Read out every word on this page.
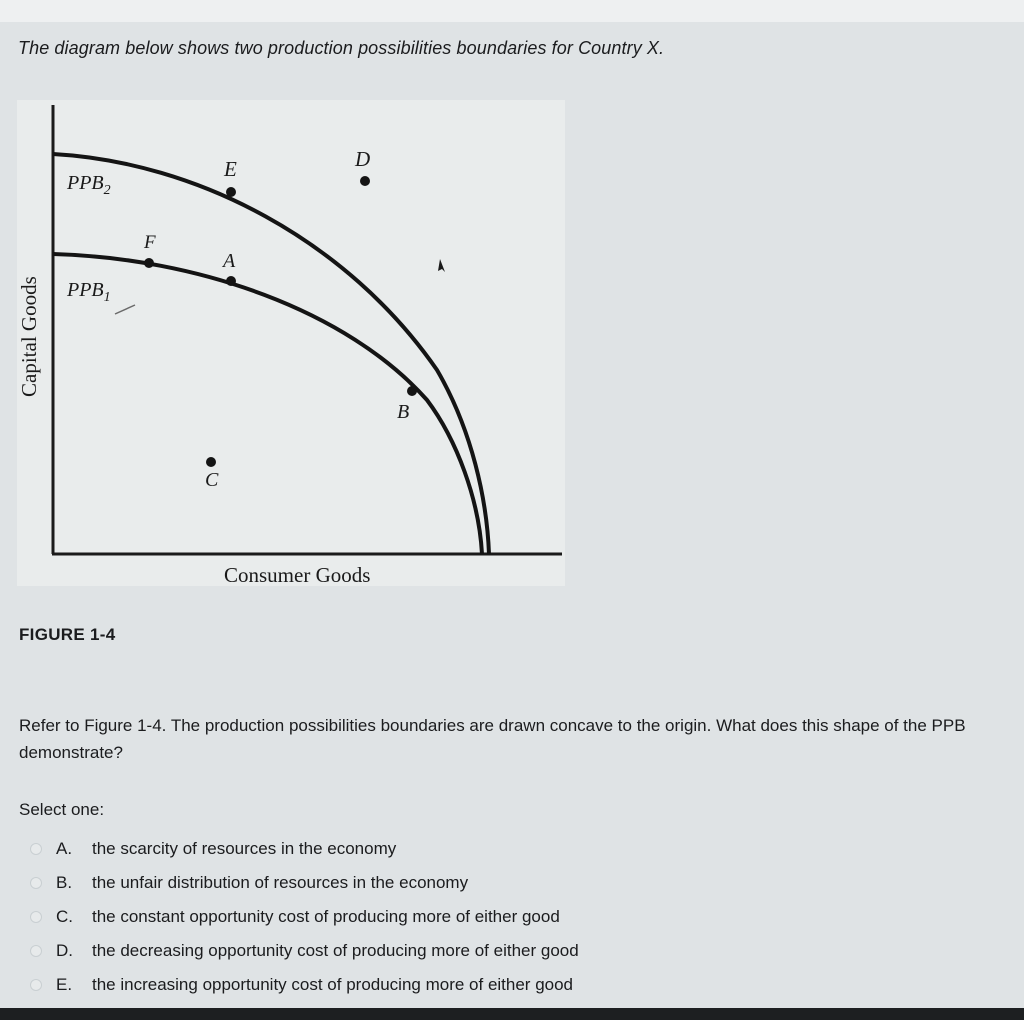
The diagram below shows two production possibilities boundaries for Country X.
$PPB_2$
$PPB_1$
E	D
F
A
B
C
Consumer Goods
Capital Goods
FIGURE 1-4
Refer to Figure 1-4. The production possibilities boundaries are drawn concave to the origin. What does this shape of the PPB demonstrate?
Select one:
A.	the scarcity of resources in the economy
B.	the unfair distribution of resources in the economy
C.	the constant opportunity cost of producing more of either good
D.	the decreasing opportunity cost of producing more of either good
E.	the increasing opportunity cost of producing more of either good
